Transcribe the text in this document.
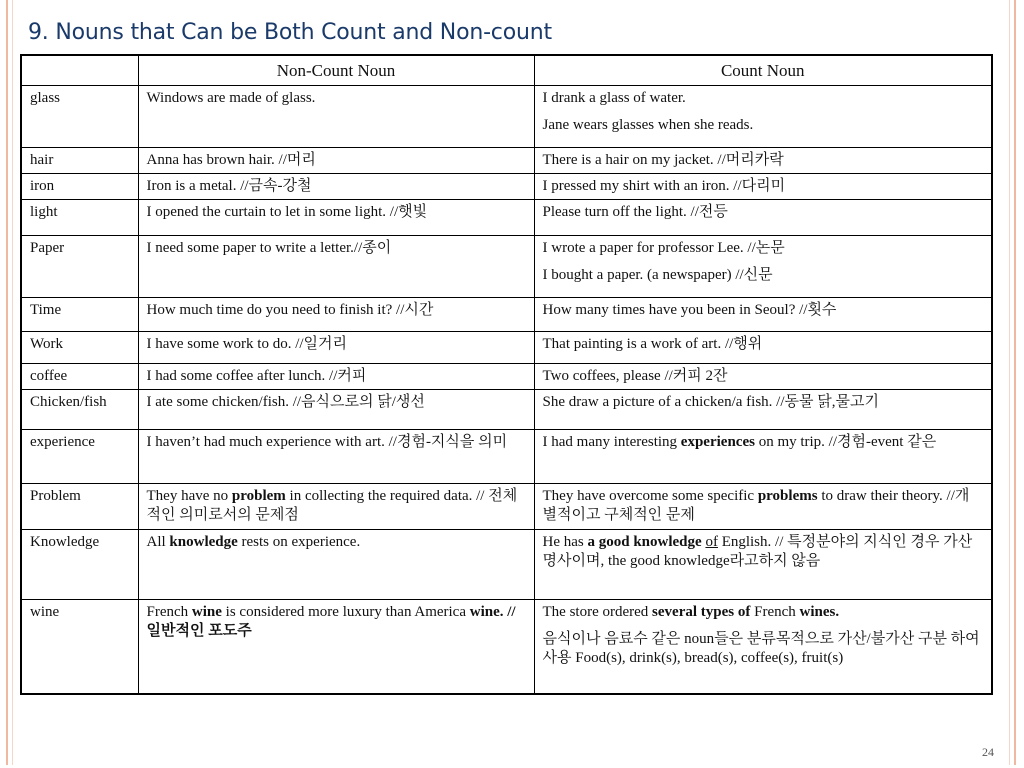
9. Nouns that Can be Both Count and Non-count
	Non-Count Noun	Count Noun
glass	Windows are made of glass.	I drank a glass of water.
Jane wears glasses when she reads.

hair	Anna has brown hair. //머리	There is a hair on my jacket. //머리카락

iron	Iron is a metal. //금속-강철	I pressed my shirt with an iron. //다리미

light	I opened the curtain to let in some light. //햇빛	Please turn off the light. //전등

Paper	I need some paper to write a letter.//종이	I wrote a paper for professor Lee. //논문
I bought a paper. (a newspaper) //신문

Time	How much time do you need to finish it? //시간	How many times have you been in Seoul? //횟수

Work	I have some work to do. //일거리	That painting is a work of art. //행위

coffee	I had some coffee after lunch. //커피	Two coffees, please //커피 2잔

Chicken/fish	I ate some chicken/fish. //음식으로의 닭/생선	She draw a picture of a chicken/a fish. //동물 닭,물고기

experience	I haven’t had much experience with art. //경험-지식을 의미	I had many interesting experiences on my trip. //경험-event 같은
Problem	They have no problem in collecting the required data. // 전체적인 의미로서의 문제점	They have overcome some specific problems to draw their theory. //개별적이고 구체적인 문제
Knowledge	All knowledge rests on experience.	He has a good knowledge of English. // 특정분야의 지식인 경우 가산명사이며, the good knowledge라고하지 않음
wine	French wine is considered more luxury than America wine. // 일반적인 포도주	The store ordered several types of French wines.
음식이나 음료수 같은 noun들은 분류목적으로 가산/불가산 구분 하여 사용 Food(s), drink(s), bread(s), coffee(s), fruit(s)
24
